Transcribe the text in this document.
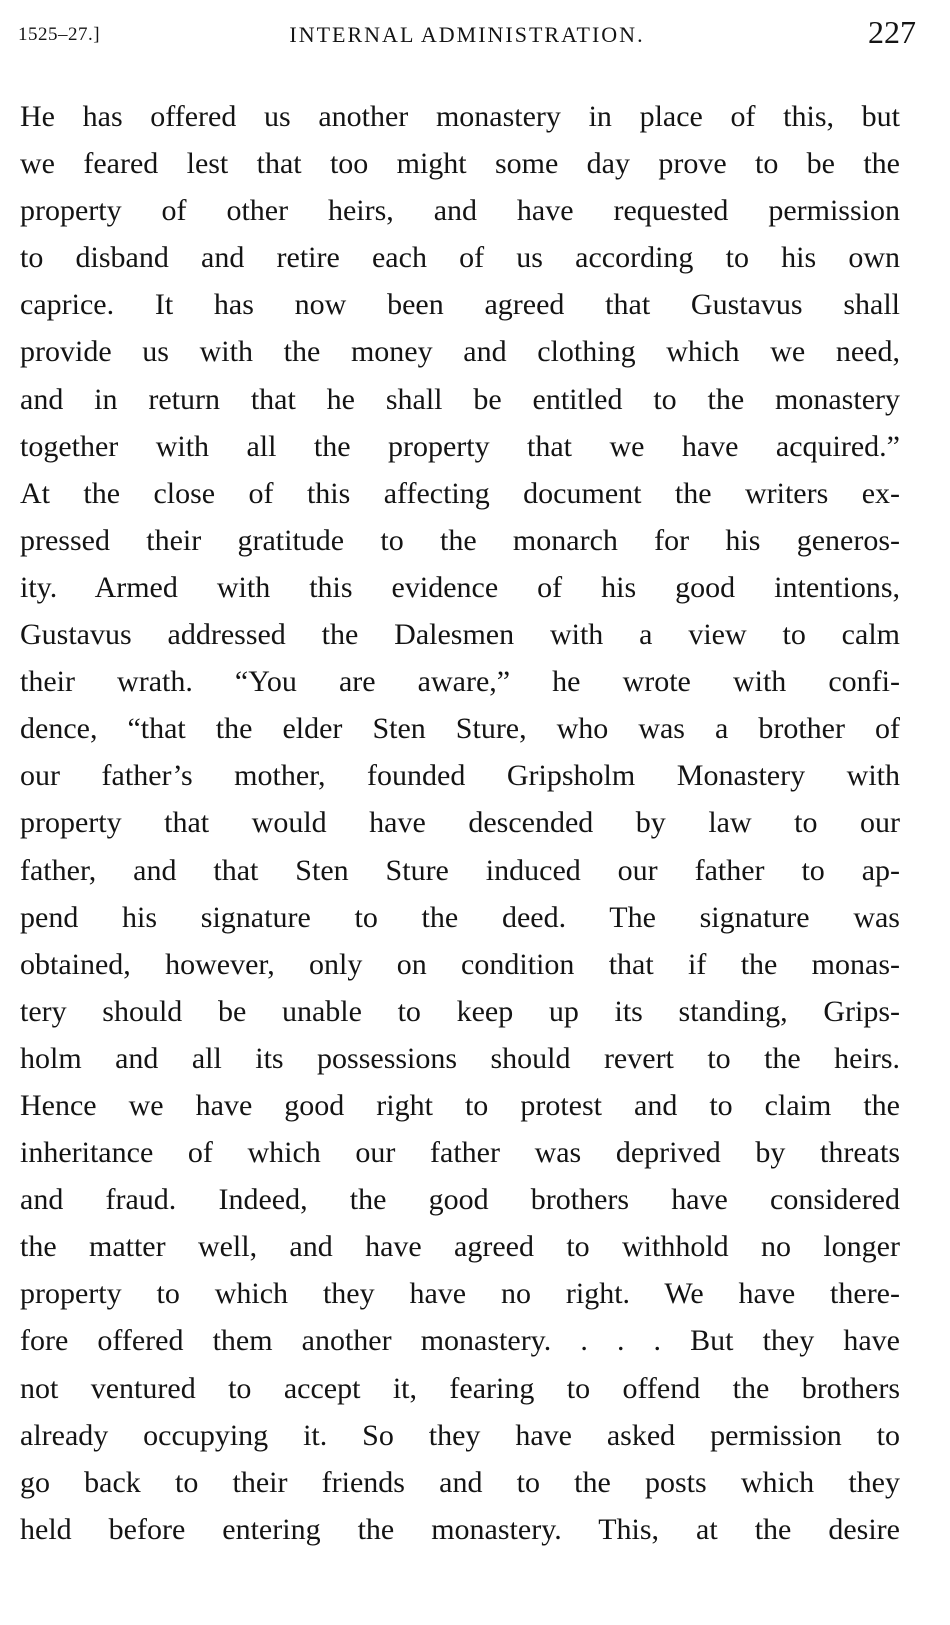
1525–27.]	INTERNAL ADMINISTRATION.	227
He has offered us another monastery in place of this, but
we feared lest that too might some day prove to be the
property of other heirs, and have requested permission
to disband and retire each of us according to his own
caprice. It has now been agreed that Gustavus shall
provide us with the money and clothing which we need,
and in return that he shall be entitled to the monastery
together with all the property that we have acquired.”
At the close of this affecting document the writers ex-
pressed their gratitude to the monarch for his generos-
ity. Armed with this evidence of his good intentions,
Gustavus addressed the Dalesmen with a view to calm
their wrath. “You are aware,” he wrote with confi-
dence, “that the elder Sten Sture, who was a brother of
our father’s mother, founded Gripsholm Monastery with
property that would have descended by law to our
father, and that Sten Sture induced our father to ap-
pend his signature to the deed. The signature was
obtained, however, only on condition that if the monas-
tery should be unable to keep up its standing, Grips-
holm and all its possessions should revert to the heirs.
Hence we have good right to protest and to claim the
inheritance of which our father was deprived by threats
and fraud. Indeed, the good brothers have considered
the matter well, and have agreed to withhold no longer
property to which they have no right. We have there-
fore offered them another monastery. . . . But they have
not ventured to accept it, fearing to offend the brothers
already occupying it. So they have asked permission to
go back to their friends and to the posts which they
held before entering the monastery. This, at the desire
